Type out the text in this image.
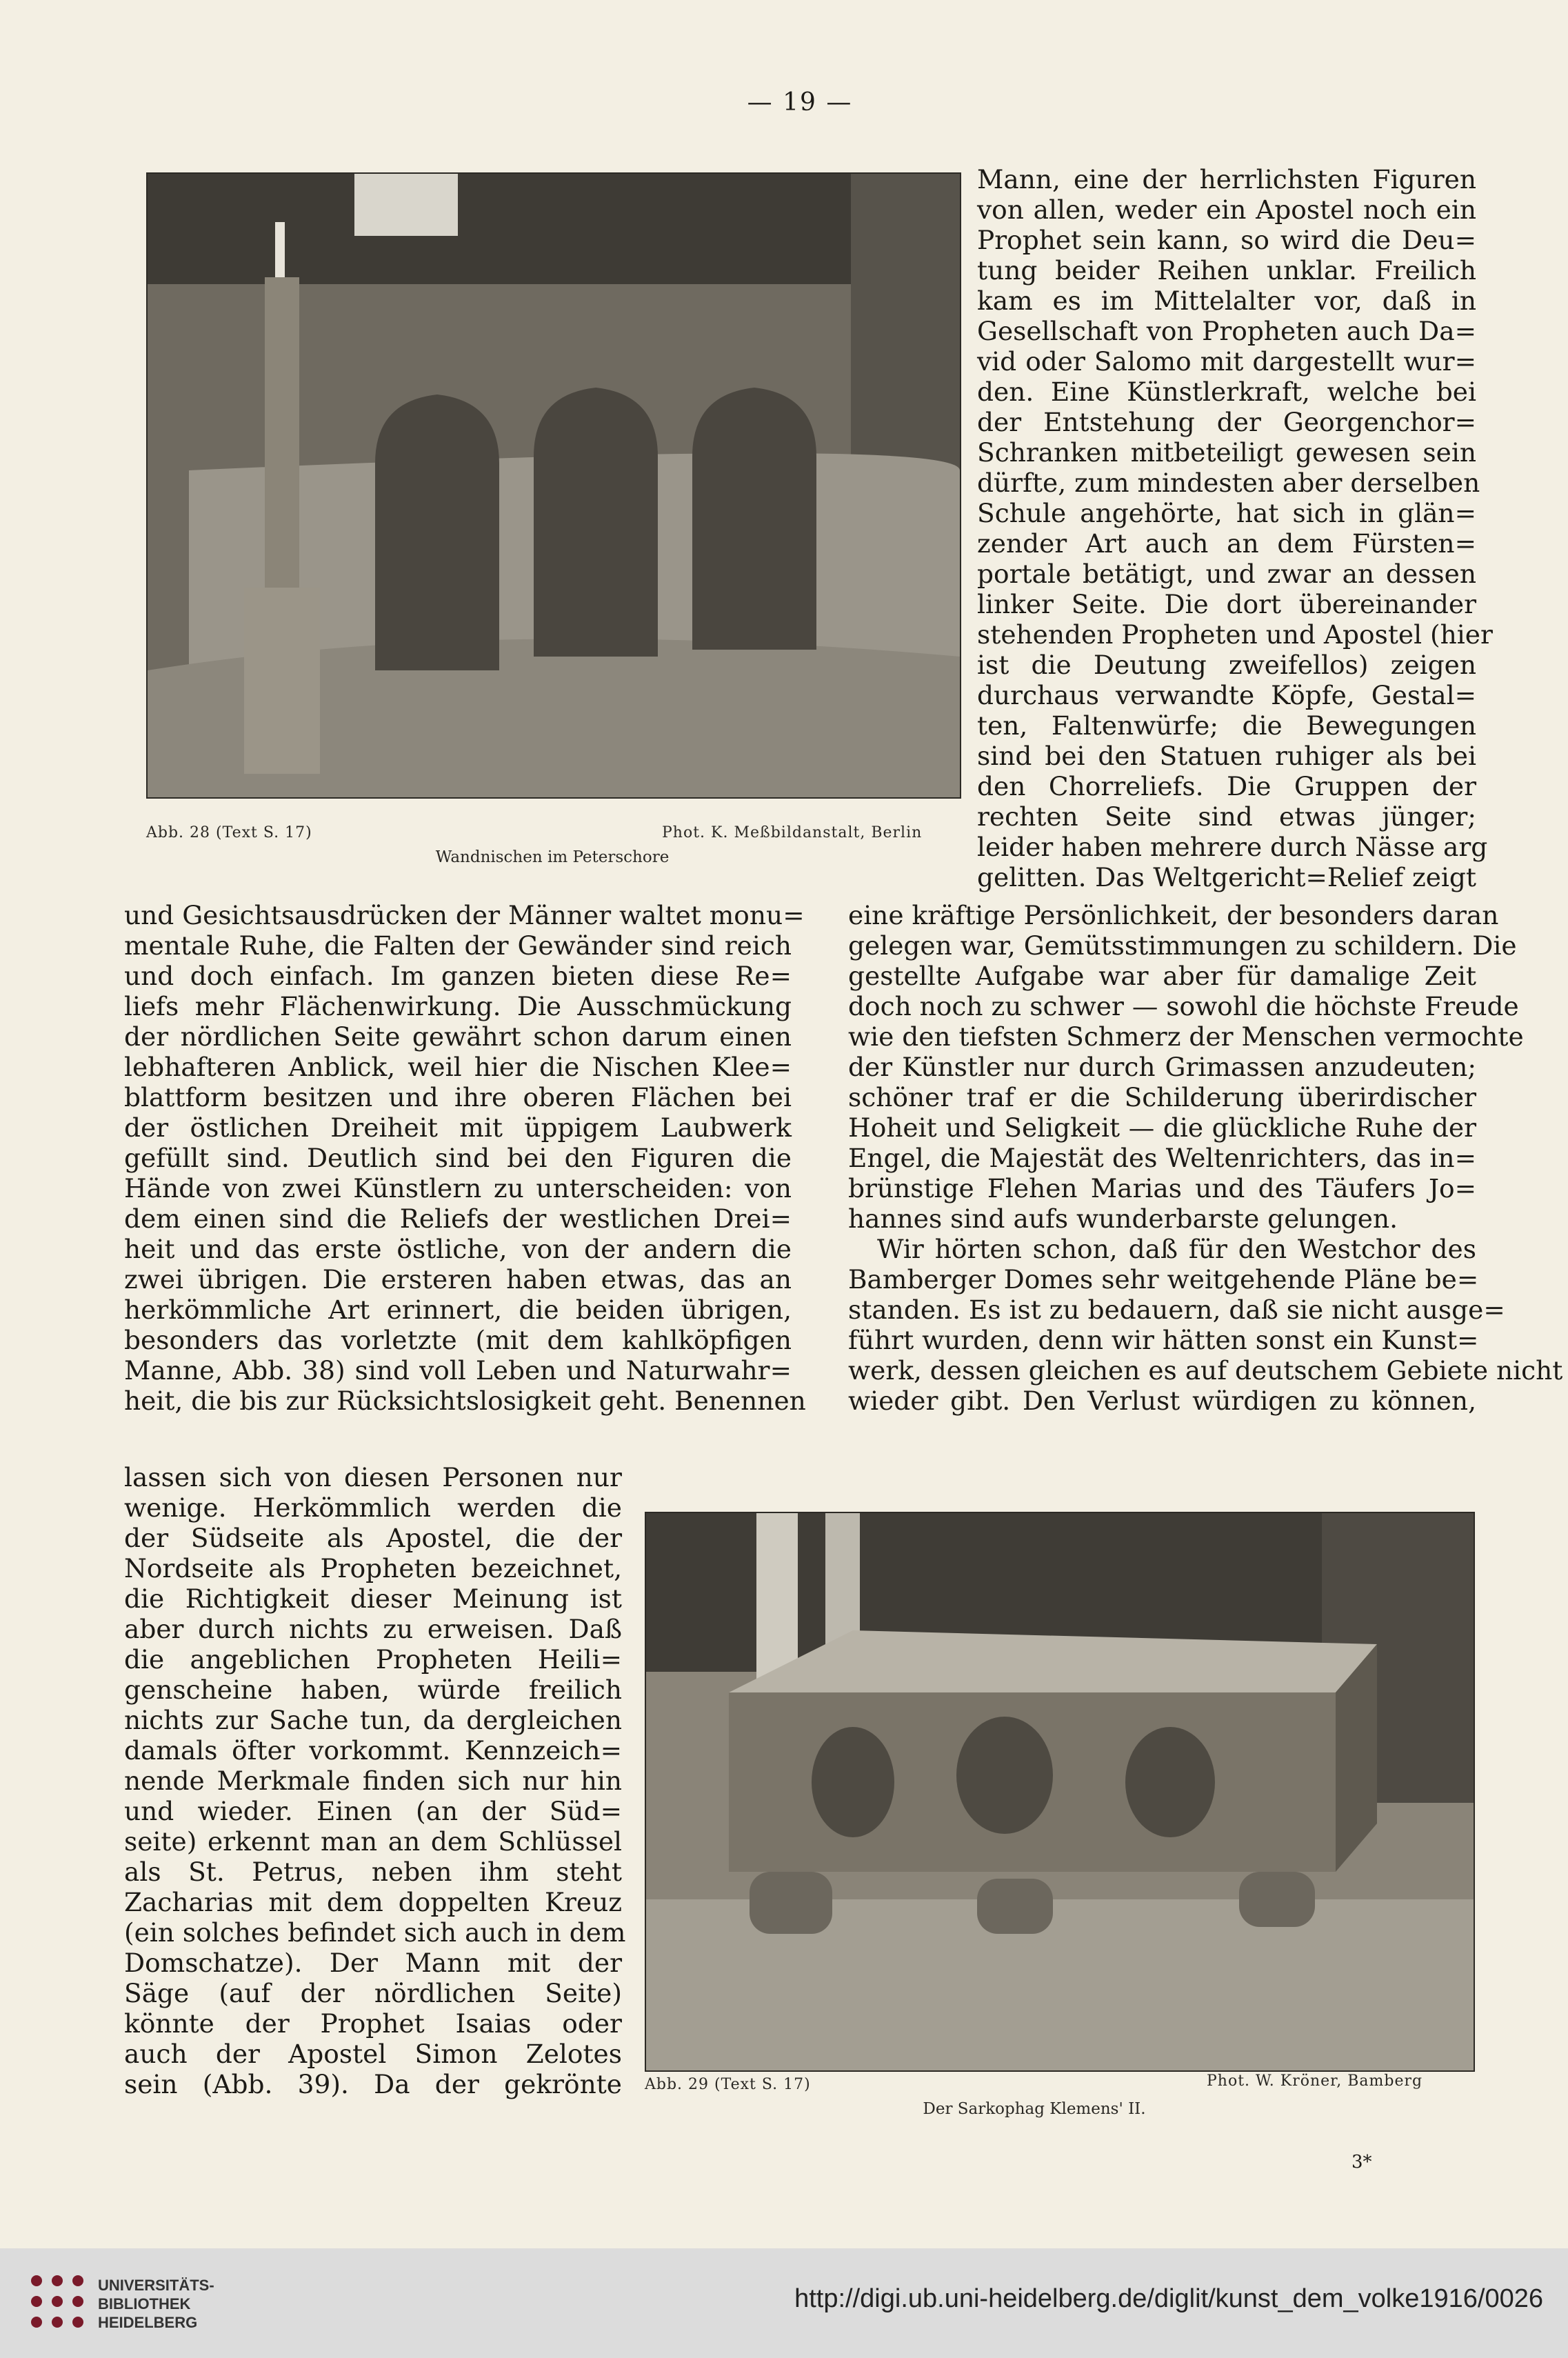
— 19 —
Abb. 28 (Text S. 17)	Phot. K. Meßbildanstalt, Berlin
Wandnischen im Peterschore
Mann, eine der herrlichsten Figuren
von allen, weder ein Apostel noch ein
Prophet sein kann, so wird die Deu=
tung beider Reihen unklar. Freilich
kam es im Mittelalter vor, daß in
Gesellschaft von Propheten auch Da=
vid oder Salomo mit dargestellt wur=
den. Eine Künstlerkraft, welche bei
der Entstehung der Georgenchor=
Schranken mitbeteiligt gewesen sein
dürfte, zum mindesten aber derselben
Schule angehörte, hat sich in glän=
zender Art auch an dem Fürsten=
portale betätigt, und zwar an dessen
linker Seite. Die dort übereinander
stehenden Propheten und Apostel (hier
ist die Deutung zweifellos) zeigen
durchaus verwandte Köpfe, Gestal=
ten, Faltenwürfe; die Bewegungen
sind bei den Statuen ruhiger als bei
den Chorreliefs. Die Gruppen der
rechten Seite sind etwas jünger;
leider haben mehrere durch Nässe arg
gelitten. Das Weltgericht=Relief zeigt
und Gesichtsausdrücken der Männer waltet monu=
mentale Ruhe, die Falten der Gewänder sind reich
und doch einfach. Im ganzen bieten diese Re=
liefs mehr Flächenwirkung. Die Ausschmückung
der nördlichen Seite gewährt schon darum einen
lebhafteren Anblick, weil hier die Nischen Klee=
blattform besitzen und ihre oberen Flächen bei
der östlichen Dreiheit mit üppigem Laubwerk
gefüllt sind. Deutlich sind bei den Figuren die
Hände von zwei Künstlern zu unterscheiden: von
dem einen sind die Reliefs der westlichen Drei=
heit und das erste östliche, von der andern die
zwei übrigen. Die ersteren haben etwas, das an
herkömmliche Art erinnert, die beiden übrigen,
besonders das vorletzte (mit dem kahlköpfigen
Manne, Abb. 38) sind voll Leben und Naturwahr=
heit, die bis zur Rücksichtslosigkeit geht. Benennen
eine kräftige Persönlichkeit, der besonders daran
gelegen war, Gemütsstimmungen zu schildern. Die
gestellte Aufgabe war aber für damalige Zeit
doch noch zu schwer — sowohl die höchste Freude
wie den tiefsten Schmerz der Menschen vermochte
der Künstler nur durch Grimassen anzudeuten;
schöner traf er die Schilderung überirdischer
Hoheit und Seligkeit — die glückliche Ruhe der
Engel, die Majestät des Weltenrichters, das in=
brünstige Flehen Marias und des Täufers Jo=
hannes sind aufs wunderbarste gelungen.
Wir hörten schon, daß für den Westchor des
Bamberger Domes sehr weitgehende Pläne be=
standen. Es ist zu bedauern, daß sie nicht ausge=
führt wurden, denn wir hätten sonst ein Kunst=
werk, dessen gleichen es auf deutschem Gebiete nicht
wieder gibt. Den Verlust würdigen zu können,
lassen sich von diesen Personen nur
wenige. Herkömmlich werden die
der Südseite als Apostel, die der
Nordseite als Propheten bezeichnet,
die Richtigkeit dieser Meinung ist
aber durch nichts zu erweisen. Daß
die angeblichen Propheten Heili=
genscheine haben, würde freilich
nichts zur Sache tun, da dergleichen
damals öfter vorkommt. Kennzeich=
nende Merkmale finden sich nur hin
und wieder. Einen (an der Süd=
seite) erkennt man an dem Schlüssel
als St. Petrus, neben ihm steht
Zacharias mit dem doppelten Kreuz
(ein solches befindet sich auch in dem
Domschatze). Der Mann mit der
Säge (auf der nördlichen Seite)
könnte der Prophet Isaias oder
auch der Apostel Simon Zelotes
sein (Abb. 39). Da der gekrönte Abb. 29 (Text S. 17)	Phot. W. Kröner, Bamberg
Der Sarkophag Klemens' II.
3*
UNIVERSITÄTS-
BIBLIOTHEK
HEIDELBERG
http://digi.ub.uni-heidelberg.de/diglit/kunst_dem_volke1916/0026
